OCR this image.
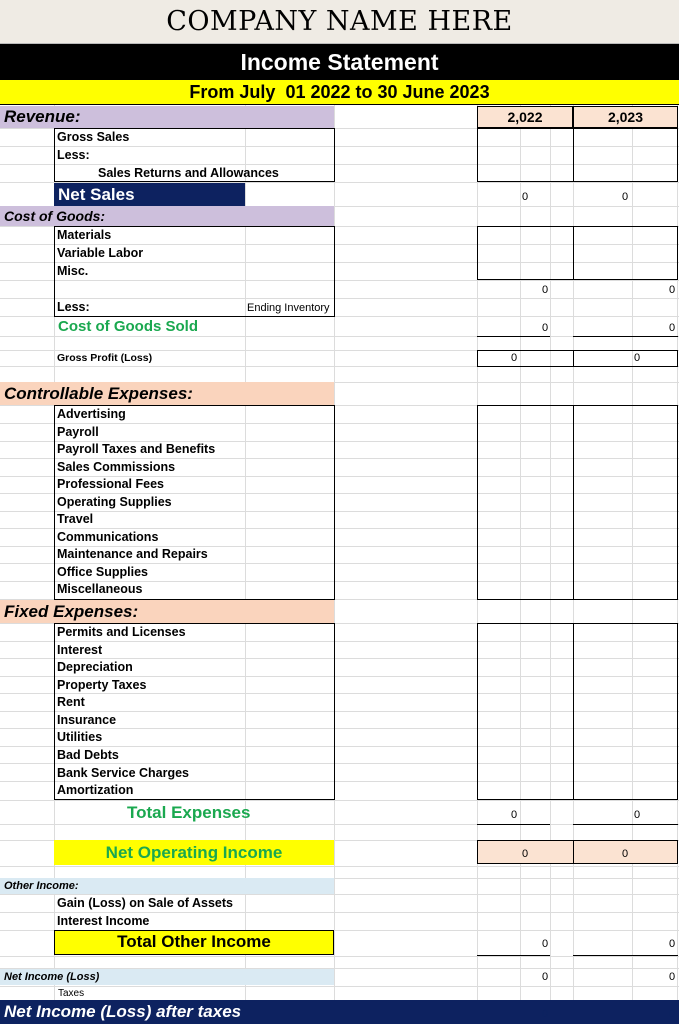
COMPANY NAME HERE
Income Statement
From July  01 2022 to 30 June 2023
Revenue:	2,022	2,023
Gross Sales
Less:
Sales Returns and Allowances
Net Sales	0	0
Cost of Goods:
Materials
Variable Labor
Misc.
0	0
Less:	Ending Inventory
Cost of Goods Sold	0	0
Gross Profit (Loss)	0	0
Controllable Expenses:
Advertising
Payroll
Payroll Taxes and Benefits
Sales Commissions
Professional Fees
Operating Supplies
Travel
Communications
Maintenance and Repairs
Office Supplies
Miscellaneous
Fixed Expenses:
Permits and Licenses
Interest
Depreciation
Property Taxes
Rent
Insurance
Utilities
Bad Debts
Bank Service Charges
Amortization
Total Expenses	0	0
Net Operating Income	0	0
Other Income:
Gain (Loss) on Sale of Assets
Interest Income
Total Other Income	0	0
Net Income (Loss)	0	0
Taxes
Net Income (Loss) after taxes	0	0
